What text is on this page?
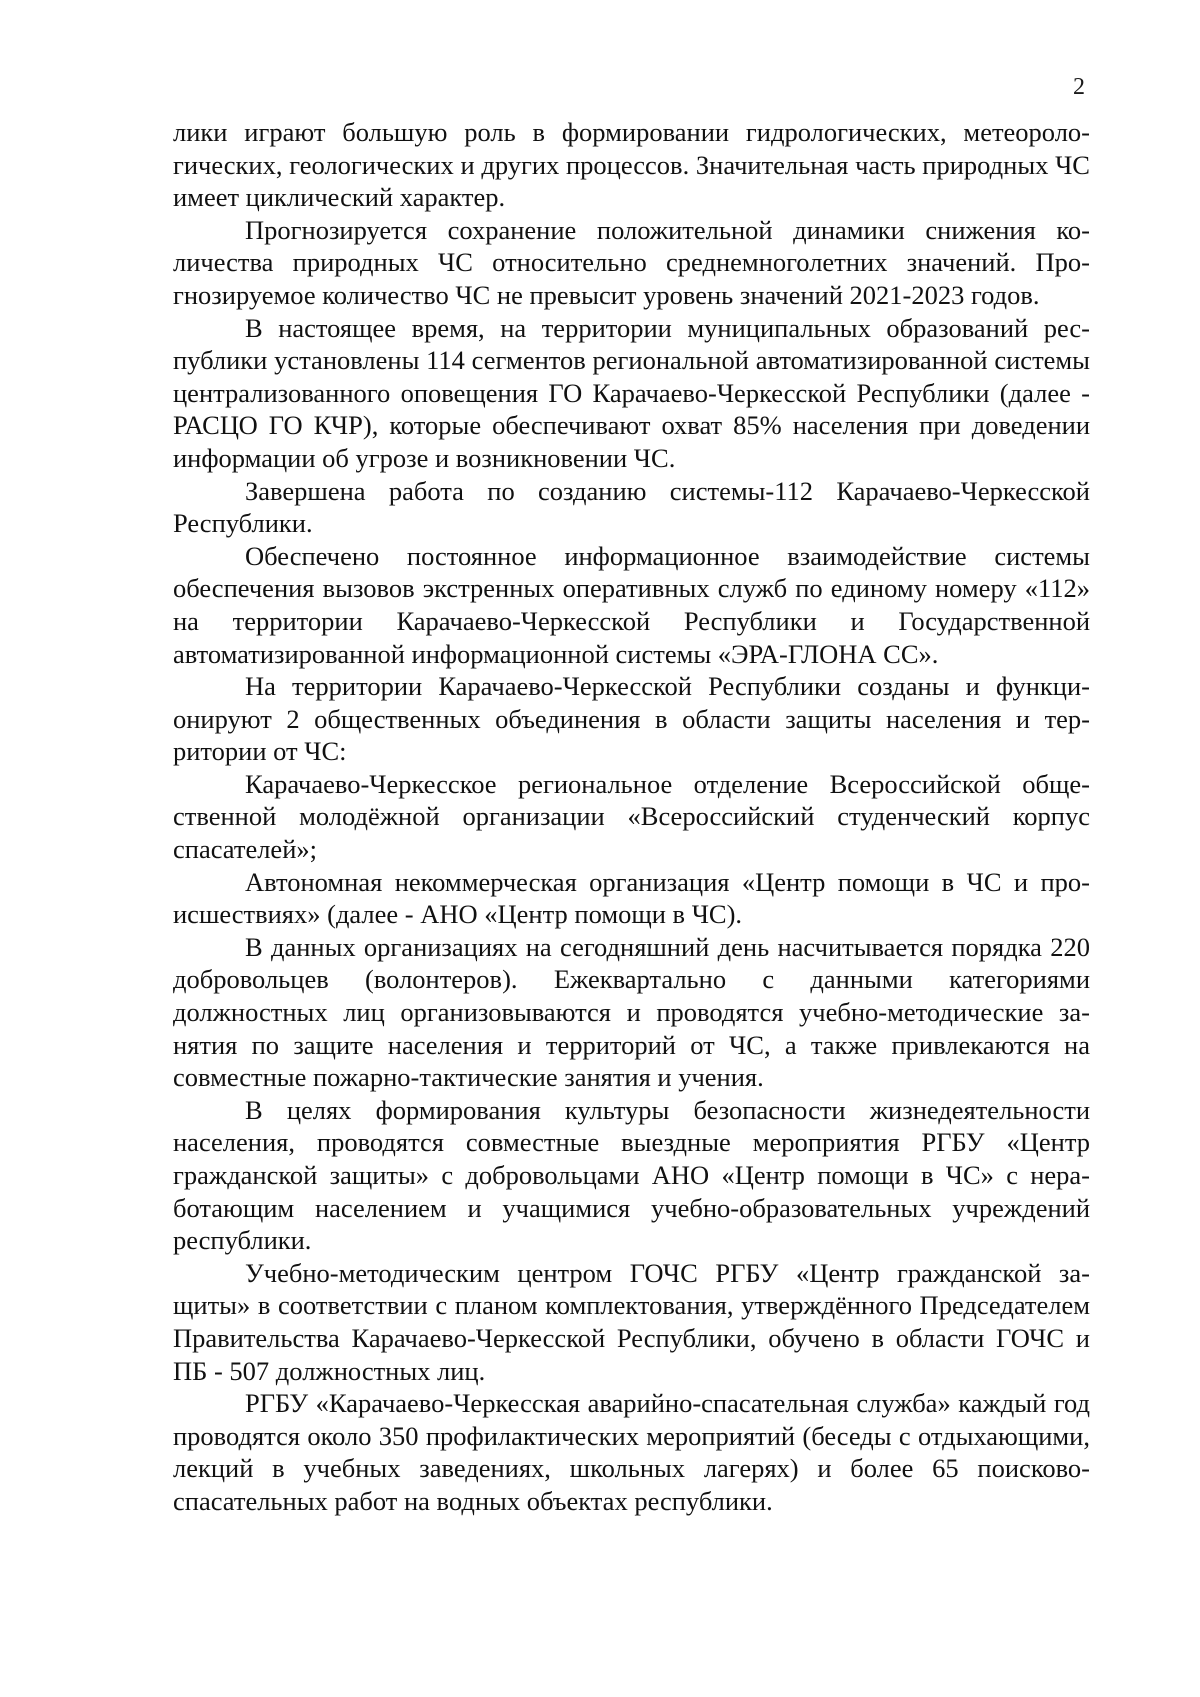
2

лики играют большую роль в формировании гидрологических, метеорологических, геологических и других процессов. Значительная часть природных ЧС имеет циклический характер.

Прогнозируется сохранение положительной динамики снижения количества природных ЧС относительно среднемноголетних значений. Прогнозируемое количество ЧС не превысит уровень значений 2021-2023 годов.

В настоящее время, на территории муниципальных образований республики установлены 114 сегментов региональной автоматизированной системы централизованного оповещения ГО Карачаево-Черкесской Республики (далее - РАСЦО ГО КЧР), которые обеспечивают охват 85% населения при доведении информации об угрозе и возникновении ЧС.

Завершена работа по созданию системы-112 Карачаево-Черкесской Республики.

Обеспечено постоянное информационное взаимодействие системы обеспечения вызовов экстренных оперативных служб по единому номеру «112» на территории Карачаево-Черкесской Республики и Государственной автоматизированной информационной системы «ЭРА-ГЛОНА СС».

На территории Карачаево-Черкесской Республики созданы и функционируют 2 общественных объединения в области защиты населения и территории от ЧС:

Карачаево-Черкесское региональное отделение Всероссийской общественной молодёжной организации «Всероссийский студенческий корпус спасателей»;

Автономная некоммерческая организация «Центр помощи в ЧС и происшествиях» (далее - АНО «Центр помощи в ЧС).

В данных организациях на сегодняшний день насчитывается порядка 220 добровольцев (волонтеров). Ежеквартально с данными категориями должностных лиц организовываются и проводятся учебно-методические занятия по защите населения и территорий от ЧС, а также привлекаются на совместные пожарно-тактические занятия и учения.

В целях формирования культуры безопасности жизнедеятельности населения, проводятся совместные выездные мероприятия РГБУ «Центр гражданской защиты» с добровольцами АНО «Центр помощи в ЧС» с неработающим населением и учащимися учебно-образовательных учреждений республики.

Учебно-методическим центром ГОЧС РГБУ «Центр гражданской защиты» в соответствии с планом комплектования, утверждённого Председателем Правительства Карачаево-Черкесской Республики, обучено в области ГОЧС и ПБ - 507 должностных лиц.

РГБУ «Карачаево-Черкесская аварийно-спасательная служба» каждый год проводятся около 350 профилактических мероприятий (беседы с отдыхающими, лекций в учебных заведениях, школьных лагерях) и более 65 поисково-спасательных работ на водных объектах республики.
